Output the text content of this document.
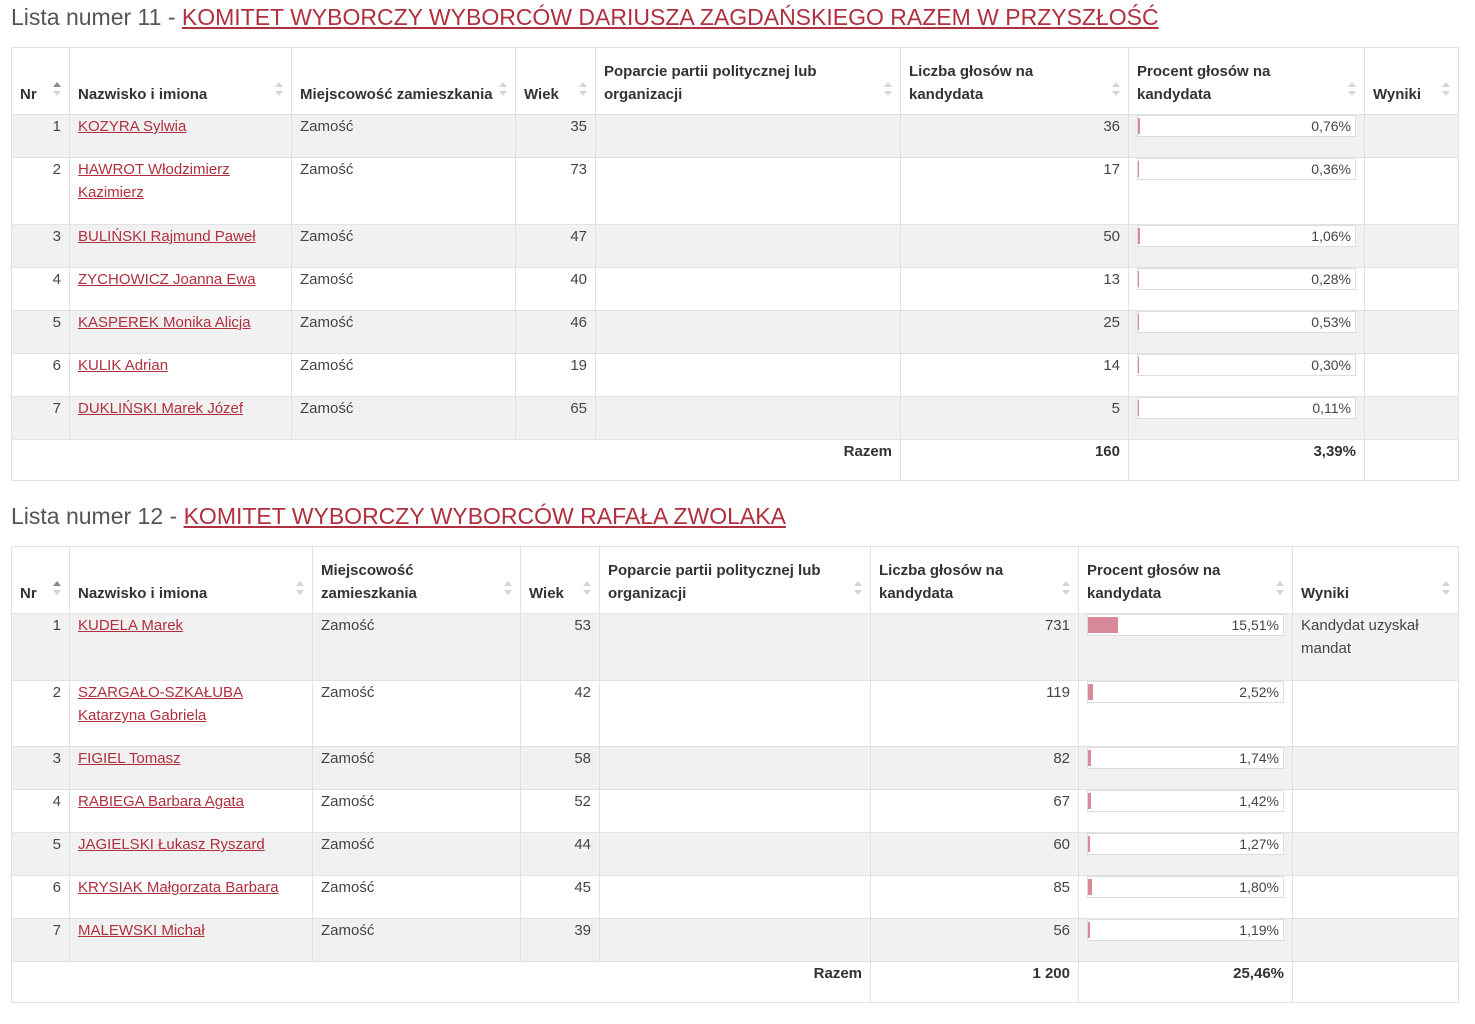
Lista numer 11 - KOMITET WYBORCZY WYBORCÓW DARIUSZA ZAGDAŃSKIEGO RAZEM W PRZYSZŁOŚĆ
Nr	Nazwisko i imiona	Miejscowość zamieszkania	Wiek	Poparcie partii politycznej lub organizacji	Liczba głosów na kandydata	Procent głosów na kandydata	Wyniki

1	KOZYRA Sylwia	Zamość	35		36	0,76%	

2	HAWROT Włodzimierz Kazimierz	Zamość	73		17	0,36%	

3	BULIŃSKI Rajmund Paweł	Zamość	47		50	1,06%	

4	ZYCHOWICZ Joanna Ewa	Zamość	40		13	0,28%	

5	KASPEREK Monika Alicja	Zamość	46		25	0,53%	

6	KULIK Adrian	Zamość	19		14	0,30%	

7	DUKLIŃSKI Marek Józef	Zamość	65		5	0,11%	

Razem					160	3,39%	
Lista numer 12 - KOMITET WYBORCZY WYBORCÓW RAFAŁA ZWOLAKA
Nr	Nazwisko i imiona	Miejscowość zamieszkania	Wiek	Poparcie partii politycznej lub organizacji	Liczba głosów na kandydata	Procent głosów na kandydata	Wyniki

1	KUDELA Marek	Zamość	53		731	15,51%	Kandydat uzyskał mandat
2	SZARGAŁO-SZKAŁUBA Katarzyna Gabriela	Zamość	42		119	2,52%	

3	FIGIEL Tomasz	Zamość	58		82	1,74%	

4	RABIEGA Barbara Agata	Zamość	52		67	1,42%	

5	JAGIELSKI Łukasz Ryszard	Zamość	44		60	1,27%	

6	KRYSIAK Małgorzata Barbara	Zamość	45		85	1,80%	

7	MALEWSKI Michał	Zamość	39		56	1,19%	

Razem					1 200	25,46%	
